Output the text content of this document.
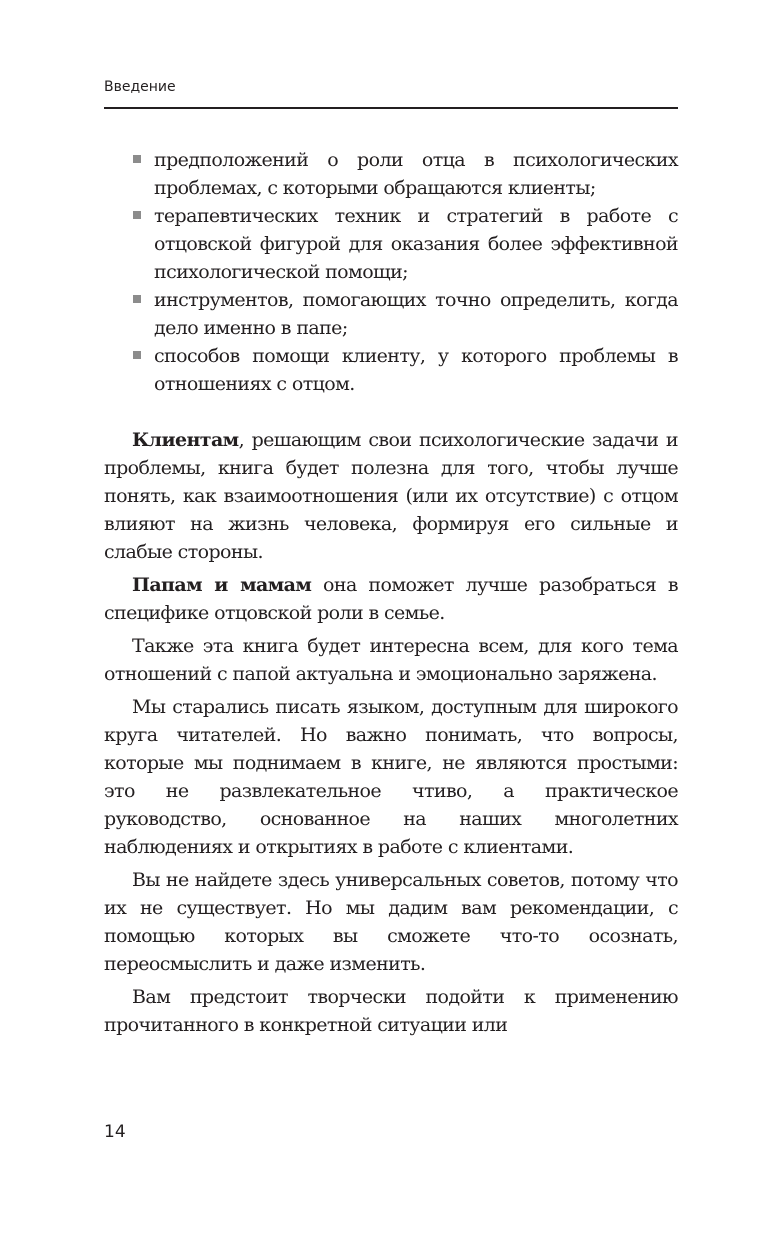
Введение
предположений о роли отца в психологических проблемах, с которыми обращаются клиенты;
терапевтических техник и стратегий в работе с отцовской фигурой для оказания более эффективной психологической помощи;
инструментов, помогающих точно определить, когда дело именно в папе;
способов помощи клиенту, у которого проблемы в отношениях с отцом.

Клиентам, решающим свои психологические задачи и проблемы, книга будет полезна для того, чтобы лучше понять, как взаимоотношения (или их отсутствие) с отцом влияют на жизнь человека, формируя его сильные и слабые стороны.

Папам и мамам она поможет лучше разобраться в специфике отцовской роли в семье.

Также эта книга будет интересна всем, для кого тема отношений с папой актуальна и эмоционально заряжена.

Мы старались писать языком, доступным для широкого круга читателей. Но важно понимать, что вопросы, которые мы поднимаем в книге, не являются простыми: это не развлекательное чтиво, а практическое руководство, основанное на наших многолетних наблюдениях и открытиях в работе с клиентами.

Вы не найдете здесь универсальных советов, потому что их не существует. Но мы дадим вам рекомендации, с помощью которых вы сможете что-то осознать, переосмыслить и даже изменить.

Вам предстоит творчески подойти к применению прочитанного в конкретной ситуации или

14
